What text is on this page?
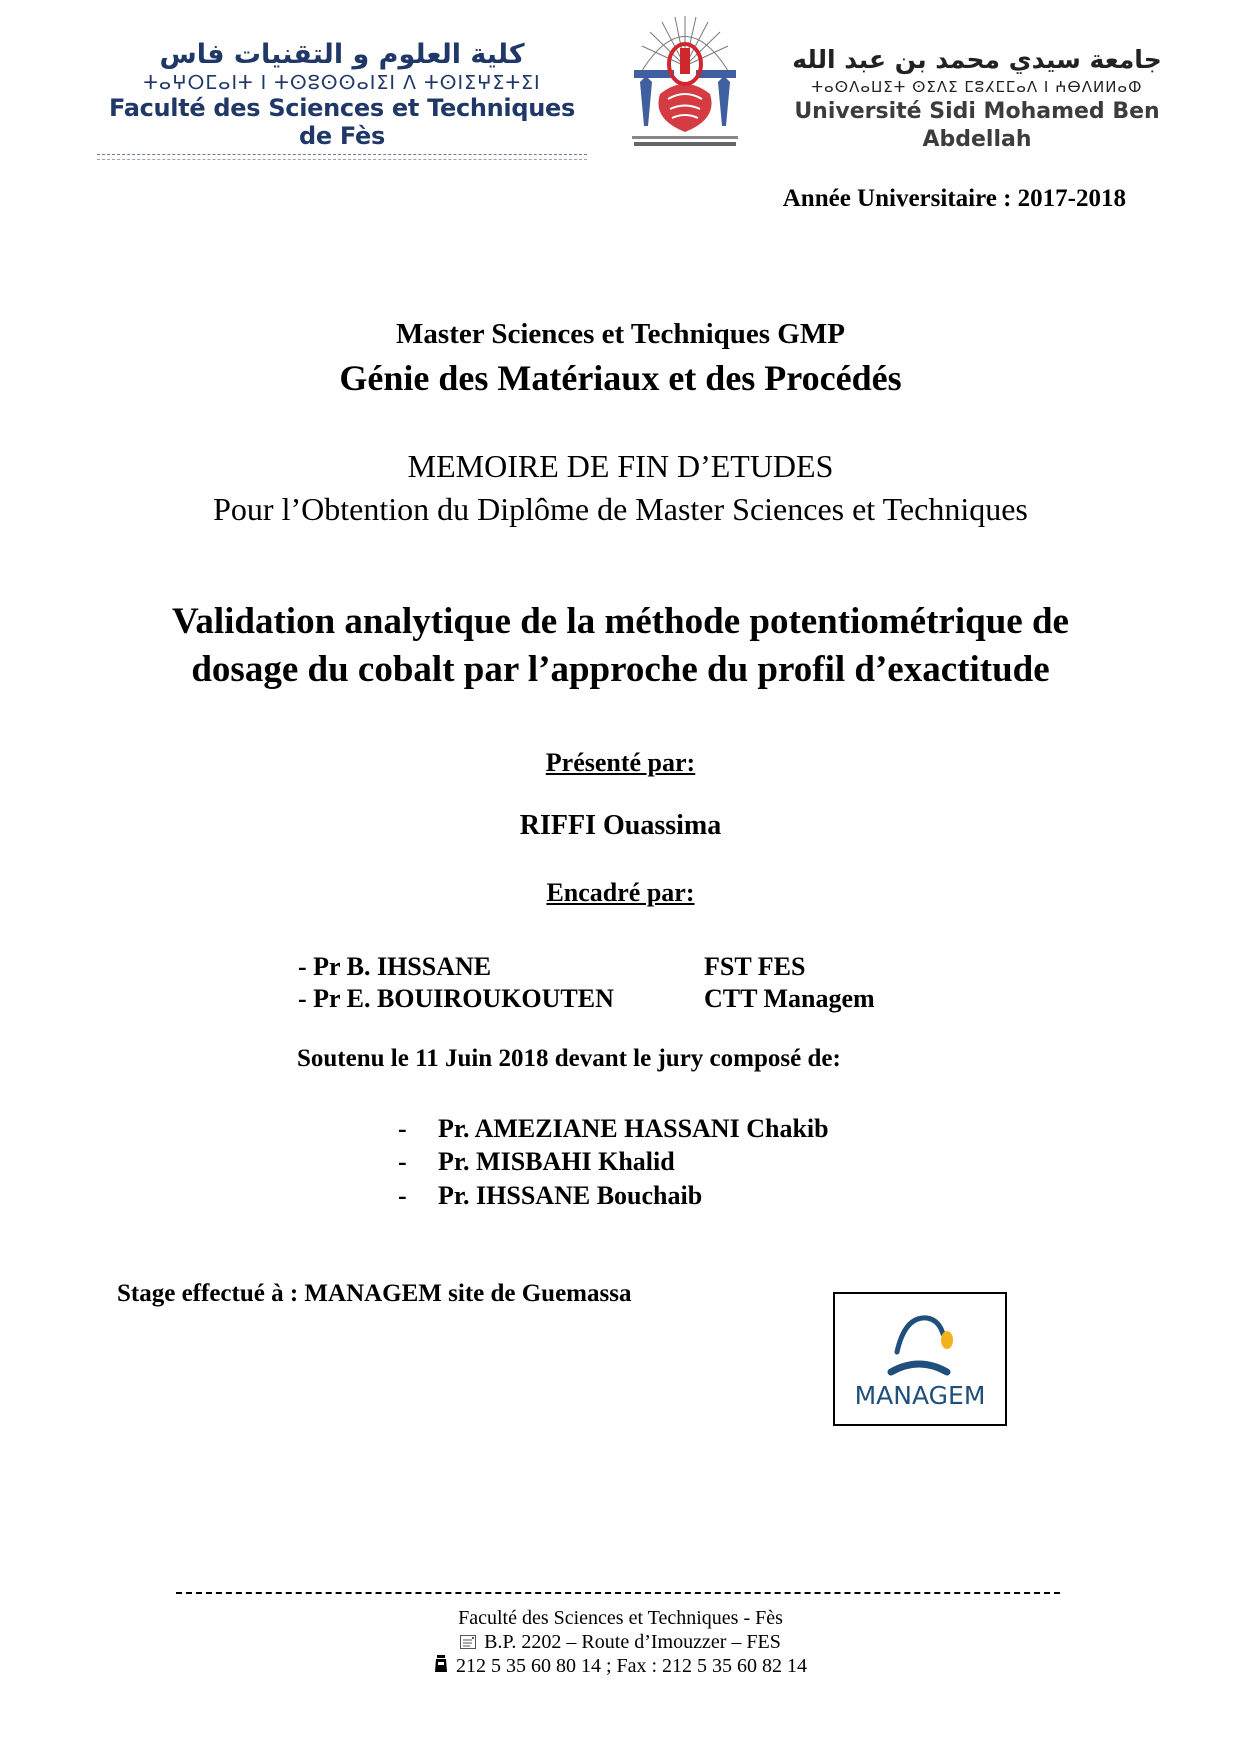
كلية العلوم و التقنيات فاس
ⵜⴰⵖⵔⵎⴰⵏⵜ ⵏ ⵜⵙⵓⵙⵙⴰⵏⵉⵏ ⴷ ⵜⵙⵏⵉⵖⵉⵜⵉⵏ
Faculté des Sciences et Techniques de Fès
جامعة سيدي محمد بن عبد الله
ⵜⴰⵙⴷⴰⵡⵉⵜ ⵙⵉⴷⵉ ⵎⵓⵃⵎⵎⴰⴷ ⵏ ⵄⴱⴷⵍⵍⴰⵀ
Université Sidi Mohamed Ben Abdellah
Année Universitaire : 2017-2018
Master Sciences et Techniques GMP
Génie des Matériaux et des Procédés
MEMOIRE DE FIN D’ETUDES
Pour l’Obtention du Diplôme de Master Sciences et Techniques
Validation analytique de la méthode potentiométrique de
dosage du cobalt par l’approche du profil d’exactitude
Présenté par:
RIFFI Ouassima
Encadré par:
- Pr B. IHSSANE	FST FES
- Pr E. BOUIROUKOUTEN	CTT Managem
Soutenu le 11 Juin 2018 devant le jury composé de:
- Pr. AMEZIANE HASSANI Chakib
- Pr. MISBAHI Khalid
- Pr. IHSSANE Bouchaib
Stage effectué à : MANAGEM site de Guemassa
MANAGEM
Faculté des Sciences et Techniques - Fès
B.P. 2202 – Route d’Imouzzer – FES
212 5 35 60 80 14 ; Fax : 212 5 35 60 82 14
